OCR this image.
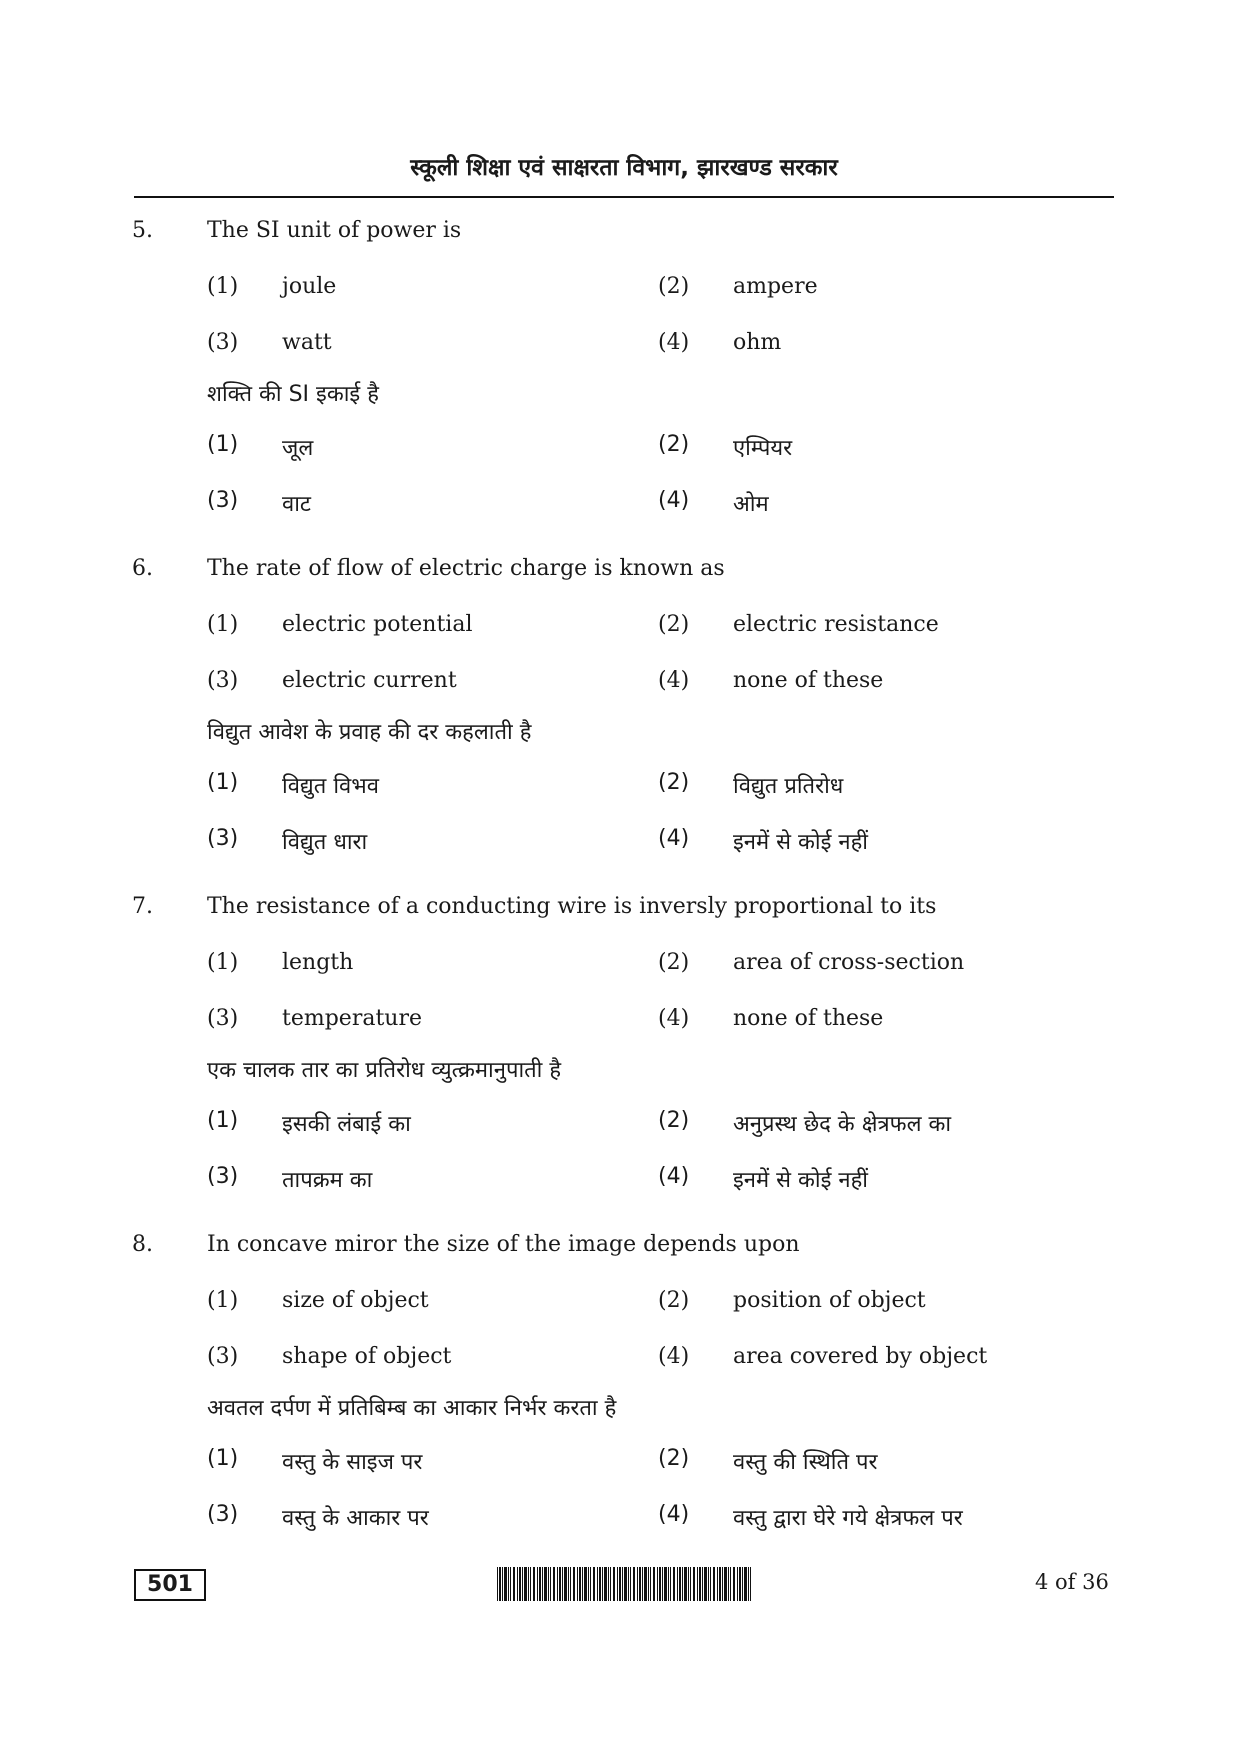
स्कूली शिक्षा एवं साक्षरता विभाग, झारखण्ड सरकार
5. The SI unit of power is
(1) joule	(2) ampere
(3) watt	(4) ohm
शक्ति की SI इकाई है
(1) जूल	(2) एम्पियर
(3) वाट	(4) ओम
6. The rate of flow of electric charge is known as
(1) electric potential	(2) electric resistance
(3) electric current	(4) none of these
विद्युत आवेश के प्रवाह की दर कहलाती है
(1) विद्युत विभव	(2) विद्युत प्रतिरोध
(3) विद्युत धारा	(4) इनमें से कोई नहीं
7. The resistance of a conducting wire is inversly proportional to its
(1) length	(2) area of cross-section
(3) temperature	(4) none of these
एक चालक तार का प्रतिरोध व्युत्क्रमानुपाती है
(1) इसकी लंबाई का	(2) अनुप्रस्थ छेद के क्षेत्रफल का
(3) तापक्रम का	(4) इनमें से कोई नहीं
8. In concave miror the size of the image depends upon
(1) size of object	(2) position of object
(3) shape of object	(4) area covered by object
अवतल दर्पण में प्रतिबिम्ब का आकार निर्भर करता है
(1) वस्तु के साइज पर	(2) वस्तु की स्थिति पर
(3) वस्तु के आकार पर	(4) वस्तु द्वारा घेरे गये क्षेत्रफल पर
501	4 of 36
